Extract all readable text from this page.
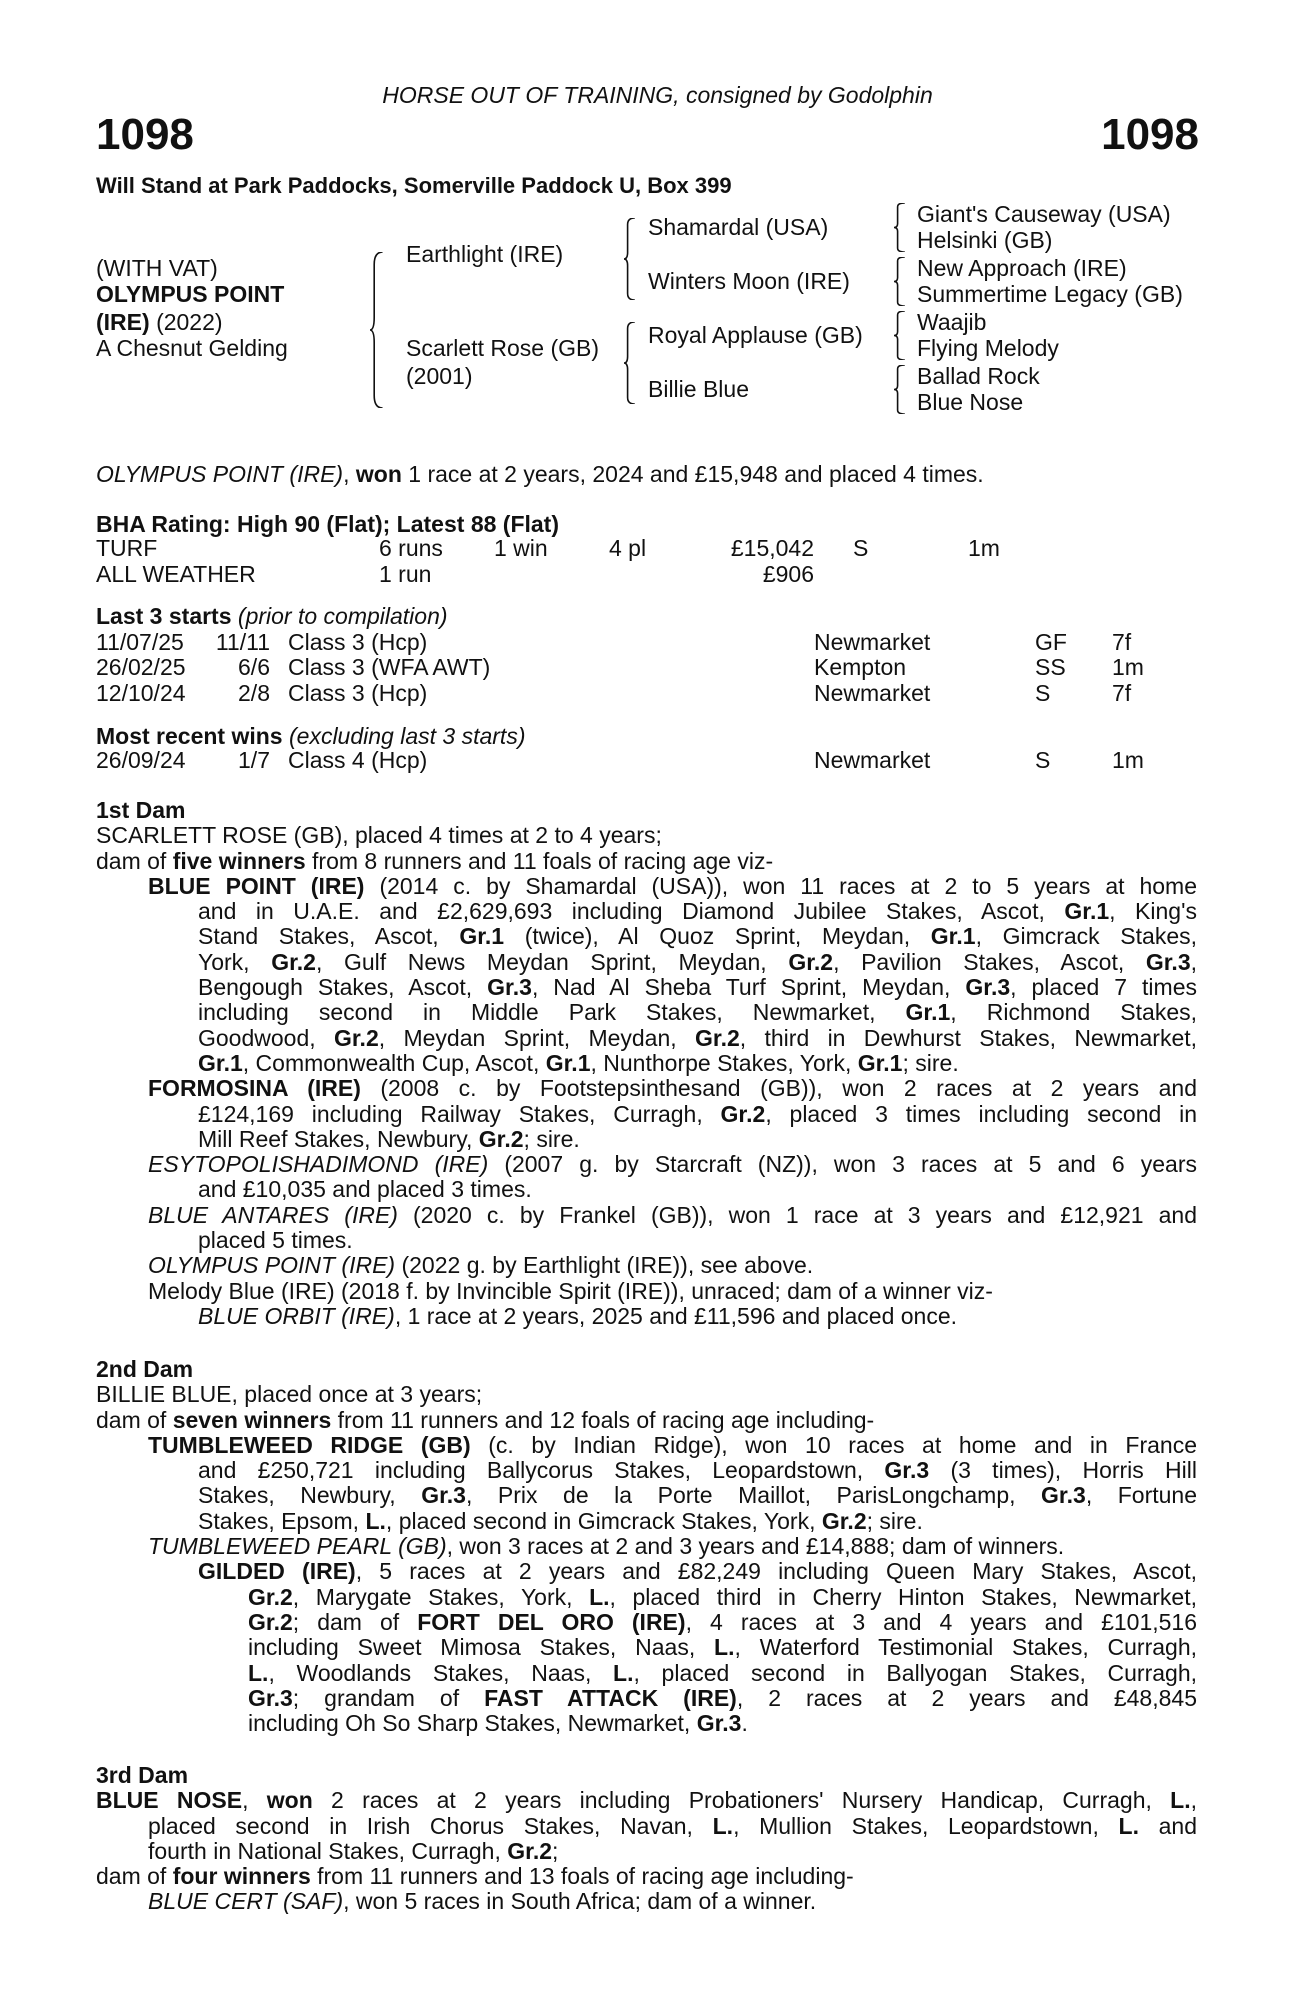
HORSE OUT OF TRAINING, consigned by Godolphin
1098	1098
Will Stand at Park Paddocks, Somerville Paddock U, Box 399
(WITH VAT)
OLYMPUS POINT
(IRE) (2022)
A Chesnut Gelding
Earthlight (IRE)
Scarlett Rose (GB)
(2001)
Shamardal (USA)
Winters Moon (IRE)
Royal Applause (GB)
Billie Blue
Giant's Causeway (USA)
Helsinki (GB)
New Approach (IRE)
Summertime Legacy (GB)
Waajib
Flying Melody
Ballad Rock
Blue Nose
OLYMPUS POINT (IRE), won 1 race at 2 years, 2024 and £15,948 and placed 4 times.
BHA Rating: High 90 (Flat); Latest 88 (Flat)
TURF	6 runs 1 win	4 pl	£15,042 S	1m
ALL WEATHER	1 run	£906
Last 3 starts (prior to compilation)
11/07/25 11/11 Class 3 (Hcp)	Newmarket	GF 7f
26/02/25 6/6 Class 3 (WFA AWT)	Kempton	SS 1m
12/10/24 2/8 Class 3 (Hcp)	Newmarket	S	7f
Most recent wins (excluding last 3 starts)
26/09/24 1/7 Class 4 (Hcp)	Newmarket	S	1m
1st Dam
SCARLETT ROSE (GB), placed 4 times at 2 to 4 years;
dam of five winners from 8 runners and 11 foals of racing age viz-
BLUE POINT (IRE) (2014 c. by Shamardal (USA)), won 11 races at 2 to 5 years at home
and in U.A.E. and £2,629,693 including Diamond Jubilee Stakes, Ascot, Gr.1, King's
Stand Stakes, Ascot, Gr.1 (twice), Al Quoz Sprint, Meydan, Gr.1, Gimcrack Stakes,
York, Gr.2, Gulf News Meydan Sprint, Meydan, Gr.2, Pavilion Stakes, Ascot, Gr.3,
Bengough Stakes, Ascot, Gr.3, Nad Al Sheba Turf Sprint, Meydan, Gr.3, placed 7 times
including second in Middle Park Stakes, Newmarket, Gr.1, Richmond Stakes,
Goodwood, Gr.2, Meydan Sprint, Meydan, Gr.2, third in Dewhurst Stakes, Newmarket,
Gr.1, Commonwealth Cup, Ascot, Gr.1, Nunthorpe Stakes, York, Gr.1; sire.
FORMOSINA (IRE) (2008 c. by Footstepsinthesand (GB)), won 2 races at 2 years and
£124,169 including Railway Stakes, Curragh, Gr.2, placed 3 times including second in
Mill Reef Stakes, Newbury, Gr.2; sire.
ESYTOPOLISHADIMOND (IRE) (2007 g. by Starcraft (NZ)), won 3 races at 5 and 6 years
and £10,035 and placed 3 times.
BLUE ANTARES (IRE) (2020 c. by Frankel (GB)), won 1 race at 3 years and £12,921 and
placed 5 times.
OLYMPUS POINT (IRE) (2022 g. by Earthlight (IRE)), see above.
Melody Blue (IRE) (2018 f. by Invincible Spirit (IRE)), unraced; dam of a winner viz-
BLUE ORBIT (IRE), 1 race at 2 years, 2025 and £11,596 and placed once.
2nd Dam
BILLIE BLUE, placed once at 3 years;
dam of seven winners from 11 runners and 12 foals of racing age including-
TUMBLEWEED RIDGE (GB) (c. by Indian Ridge), won 10 races at home and in France
and £250,721 including Ballycorus Stakes, Leopardstown, Gr.3 (3 times), Horris Hill
Stakes, Newbury, Gr.3, Prix de la Porte Maillot, ParisLongchamp, Gr.3, Fortune
Stakes, Epsom, L., placed second in Gimcrack Stakes, York, Gr.2; sire.
TUMBLEWEED PEARL (GB), won 3 races at 2 and 3 years and £14,888; dam of winners.
GILDED (IRE), 5 races at 2 years and £82,249 including Queen Mary Stakes, Ascot,
Gr.2, Marygate Stakes, York, L., placed third in Cherry Hinton Stakes, Newmarket,
Gr.2; dam of FORT DEL ORO (IRE), 4 races at 3 and 4 years and £101,516
including Sweet Mimosa Stakes, Naas, L., Waterford Testimonial Stakes, Curragh,
L., Woodlands Stakes, Naas, L., placed second in Ballyogan Stakes, Curragh,
Gr.3; grandam of FAST ATTACK (IRE), 2 races at 2 years and £48,845
including Oh So Sharp Stakes, Newmarket, Gr.3.
3rd Dam
BLUE NOSE, won 2 races at 2 years including Probationers' Nursery Handicap, Curragh, L.,
placed second in Irish Chorus Stakes, Navan, L., Mullion Stakes, Leopardstown, L. and
fourth in National Stakes, Curragh, Gr.2;
dam of four winners from 11 runners and 13 foals of racing age including-
BLUE CERT (SAF), won 5 races in South Africa; dam of a winner.
